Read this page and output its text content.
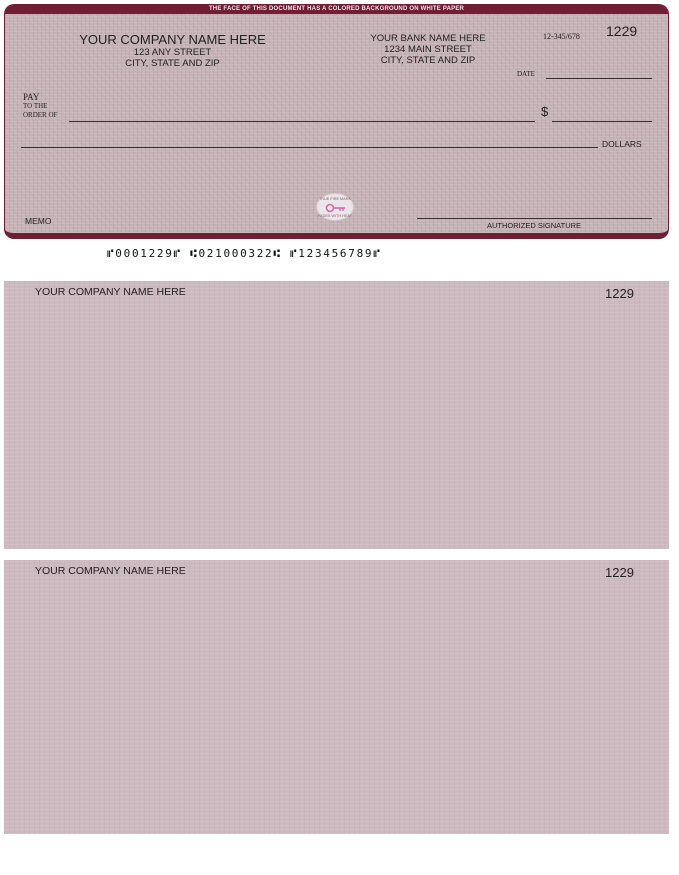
THE FACE OF THIS DOCUMENT HAS A COLORED BACKGROUND ON WHITE PAPER
YOUR COMPANY NAME HERE
123 ANY STREET
CITY, STATE AND ZIP
YOUR BANK NAME HERE
1234 MAIN STREET
CITY, STATE AND ZIP
12-345/678 1229
DATE
PAY
TO THE
ORDER OF	$
DOLLARS
TRUE FIRE MARK
FADES WITH HEAT
MEMO	AUTHORIZED SIGNATURE
SECURITY FEATURES INCLUDED. DETAILS ON BACK.
⑈0001229⑈ ⑆021000322⑆ ⑈123456789⑈
YOUR COMPANY NAME HERE	1229
YOUR COMPANY NAME HERE	1229
